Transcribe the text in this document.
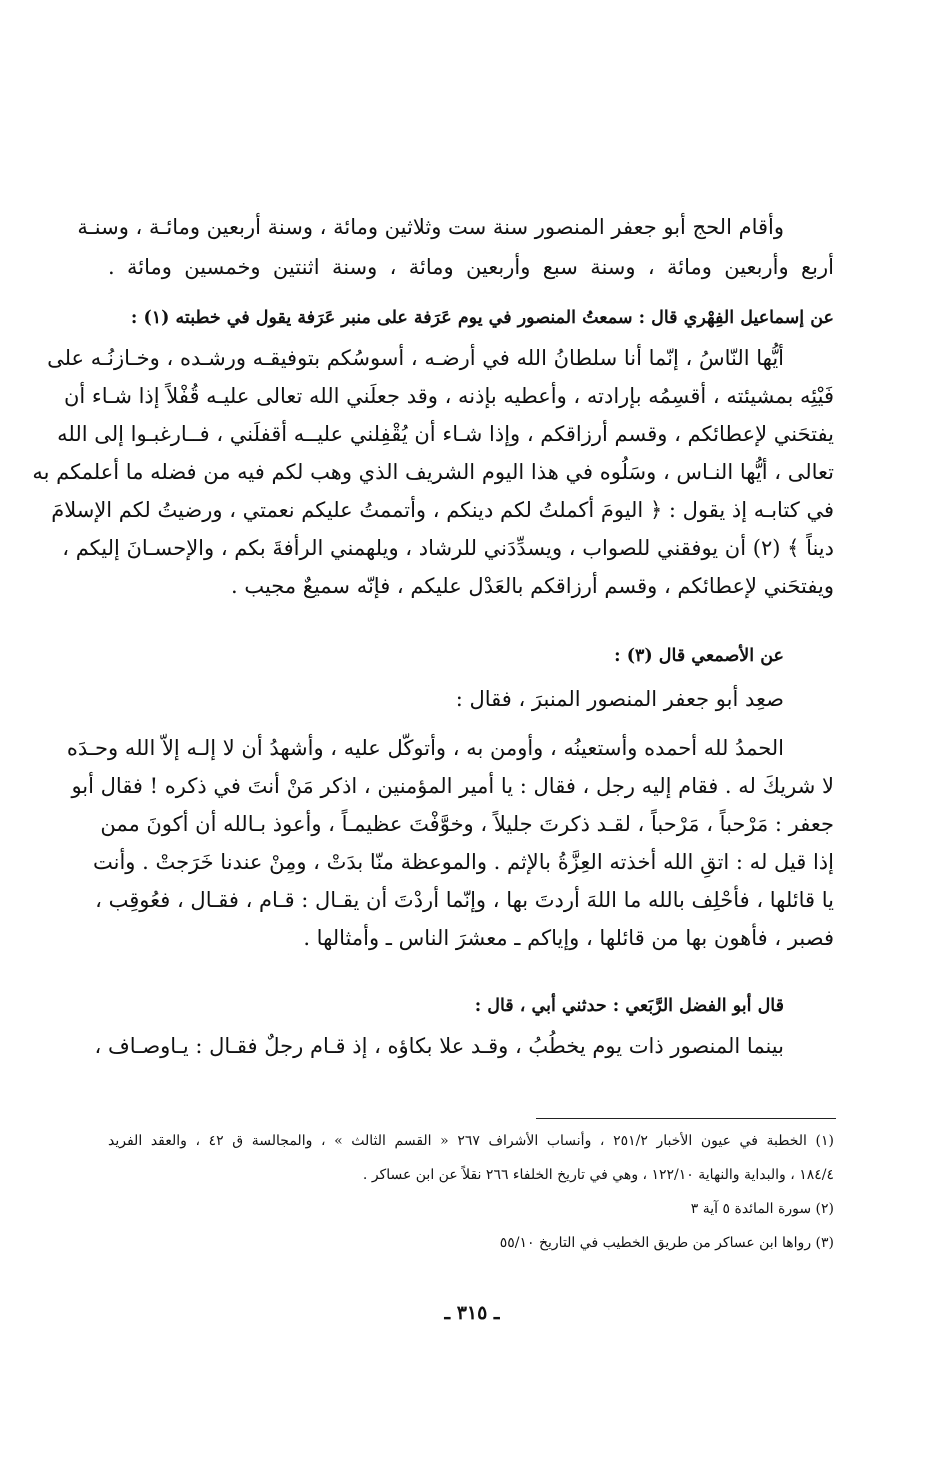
وأقام الحج أبو جعفر المنصور سنة ست وثلاثين ومائة ، وسنة أربعين ومائـة ، وسنـة
أربع وأربعين ومائة ، وسنة سبع وأربعين ومائة ، وسنة اثنتين وخمسين ومائة .
عن إسماعيل الفِهْري قال : سمعتُ المنصور في يوم عَرَفة على منبر عَرَفة يقول في خطبته (١) :
أيُّها النّاسُ ، إنّما أنا سلطانُ الله في أرضـه ، أسوسُكم بتوفيقـه ورشـده ، وخـازنُـه على
فَيْئِه بمشيئته ، أقسِمُه بإرادته ، وأعطيه بإذنه ، وقد جعلَني الله تعالى عليـه قُفْلاً إذا شـاء أن
يفتحَني لإعطائكم ، وقسم أرزاقكم ، وإذا شـاء أن يُقْفِلني عليــه أقفلَني ، فــارغبـوا إلى الله
تعالى ، أيُّها النـاس ، وسَلُوه في هذا اليوم الشريف الذي وهب لكم فيه من فضله ما أعلمكم به
في كتابـه إذ يقول : ﴿ اليومَ أكملتُ لكم دينكم ، وأتممتُ عليكم نعمتي ، ورضيتُ لكم الإسلامَ
ديناً ﴾ (٢) أن يوفقني للصواب ، ويسدِّدَني للرشاد ، ويلهمني الرأفةَ بكم ، والإحسـانَ إليكم ،
ويفتحَني لإعطائكم ، وقسم أرزاقكم بالعَدْل عليكم ، فإنّه سميعٌ مجيب .
عن الأصمعي قال (٣) :
صعِد أبو جعفر المنصور المنبرَ ، فقال :
الحمدُ لله أحمده وأستعينُه ، وأومن به ، وأتوكّل عليه ، وأشهدُ أن لا إلـه إلاّ الله وحـدَه
لا شريكَ له . فقام إليه رجل ، فقال : يا أمير المؤمنين ، اذكر مَنْ أنتَ في ذكره ! فقال أبو
جعفر : مَرْحباً ، مَرْحباً ، لقـد ذكرتَ جليلاً ، وخوَّفْتَ عظيمـاً ، وأعوذ بـالله أن أكونَ ممن
إذا قيل له : اتقِ الله أخذته العِزَّةُ بالإثم . والموعظة منّا بدَتْ ، ومِنْ عندنا خَرَجتْ . وأنت
يا قائلها ، فأحْلِف بالله ما اللهَ أردتَ بها ، وإنّما أردْتَ أن يقـال : قـام ، فقـال ، فعُوقِب ،
فصبر ، فأهون بها من قائلها ، وإياكم ـ معشرَ الناس ـ وأمثالها .
قال أبو الفضل الرَّبَعي : حدثني أبي ، قال :
بينما المنصور ذات يوم يخطُبُ ، وقـد علا بكاؤه ، إذ قـام رجلٌ فقـال : يـاوصـاف ،
(١) الخطبة في عيون الأخبار ٢٥١/٢ ، وأنساب الأشراف ٢٦٧ « القسم الثالث » ، والمجالسة ق ٤٢ ، والعقد الفريد
١٨٤/٤ ، والبداية والنهاية ١٢٢/١٠ ، وهي في تاريخ الخلفاء ٢٦٦ نقلاً عن ابن عساكر .
(٢) سورة المائدة ٥ آية ٣
(٣) رواها ابن عساكر من طريق الخطيب في التاريخ ٥٥/١٠
ـ ٣١٥ ـ
